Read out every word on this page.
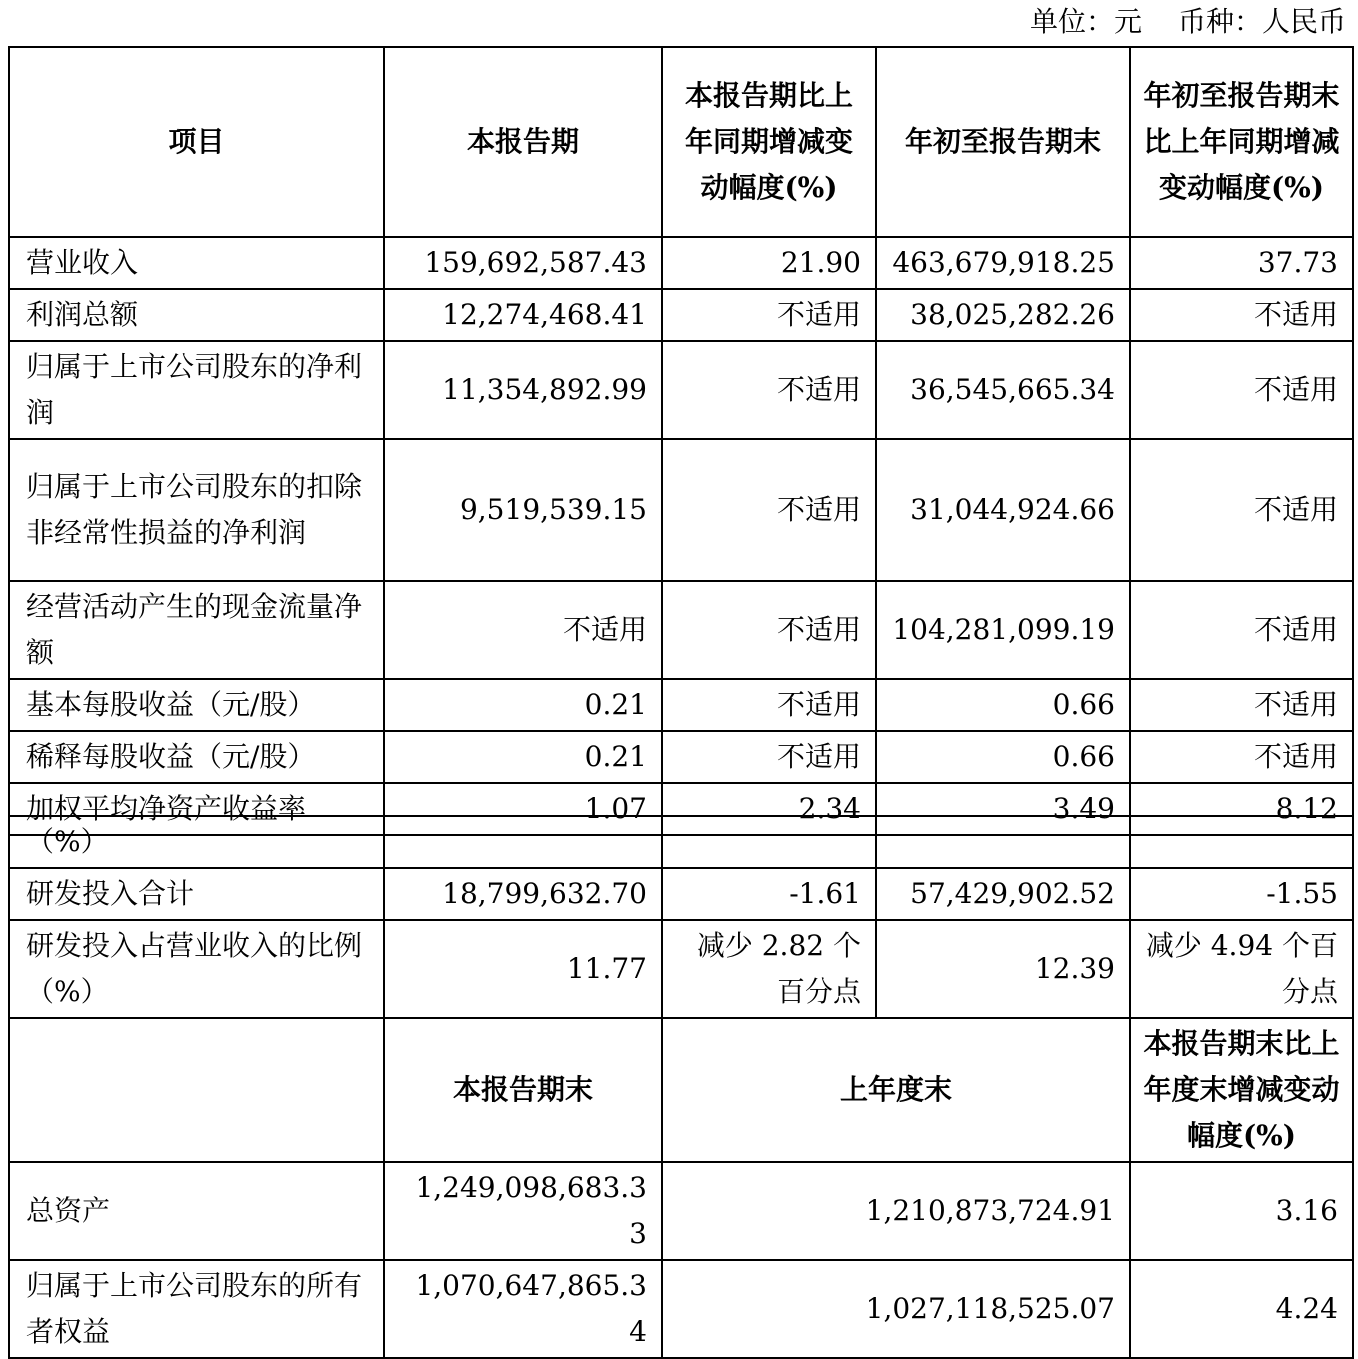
单位：元 币种：人民币
项目	本报告期	本报告期比上年同期增减变动幅度(%)	年初至报告期末	年初至报告期末比上年同期增减变动幅度(%)
营业收入	159,692,587.43	21.90	463,679,918.25	37.73
利润总额	12,274,468.41	不适用	38,025,282.26	不适用
归属于上市公司股东的净利润	11,354,892.99	不适用	36,545,665.34	不适用
归属于上市公司股东的扣除非经常性损益的净利润	9,519,539.15	不适用	31,044,924.66	不适用
经营活动产生的现金流量净额	不适用	不适用	104,281,099.19	不适用
基本每股收益（元/股）	0.21	不适用	0.66	不适用
稀释每股收益（元/股）	0.21	不适用	0.66	不适用
加权平均净资产收益率	1.07	2.34	3.49	8.12
（%）				
研发投入合计	18,799,632.70	-1.61	57,429,902.52	-1.55
研发投入占营业收入的比例（%）	11.77	减少 2.82 个百分点	12.39	减少 4.94 个百分点
	本报告期末	上年度末		本报告期末比上年度末增减变动幅度(%)
总资产	1,249,098,683.33	1,210,873,724.91		3.16
归属于上市公司股东的所有者权益	1,070,647,865.34	1,027,118,525.07		4.24
